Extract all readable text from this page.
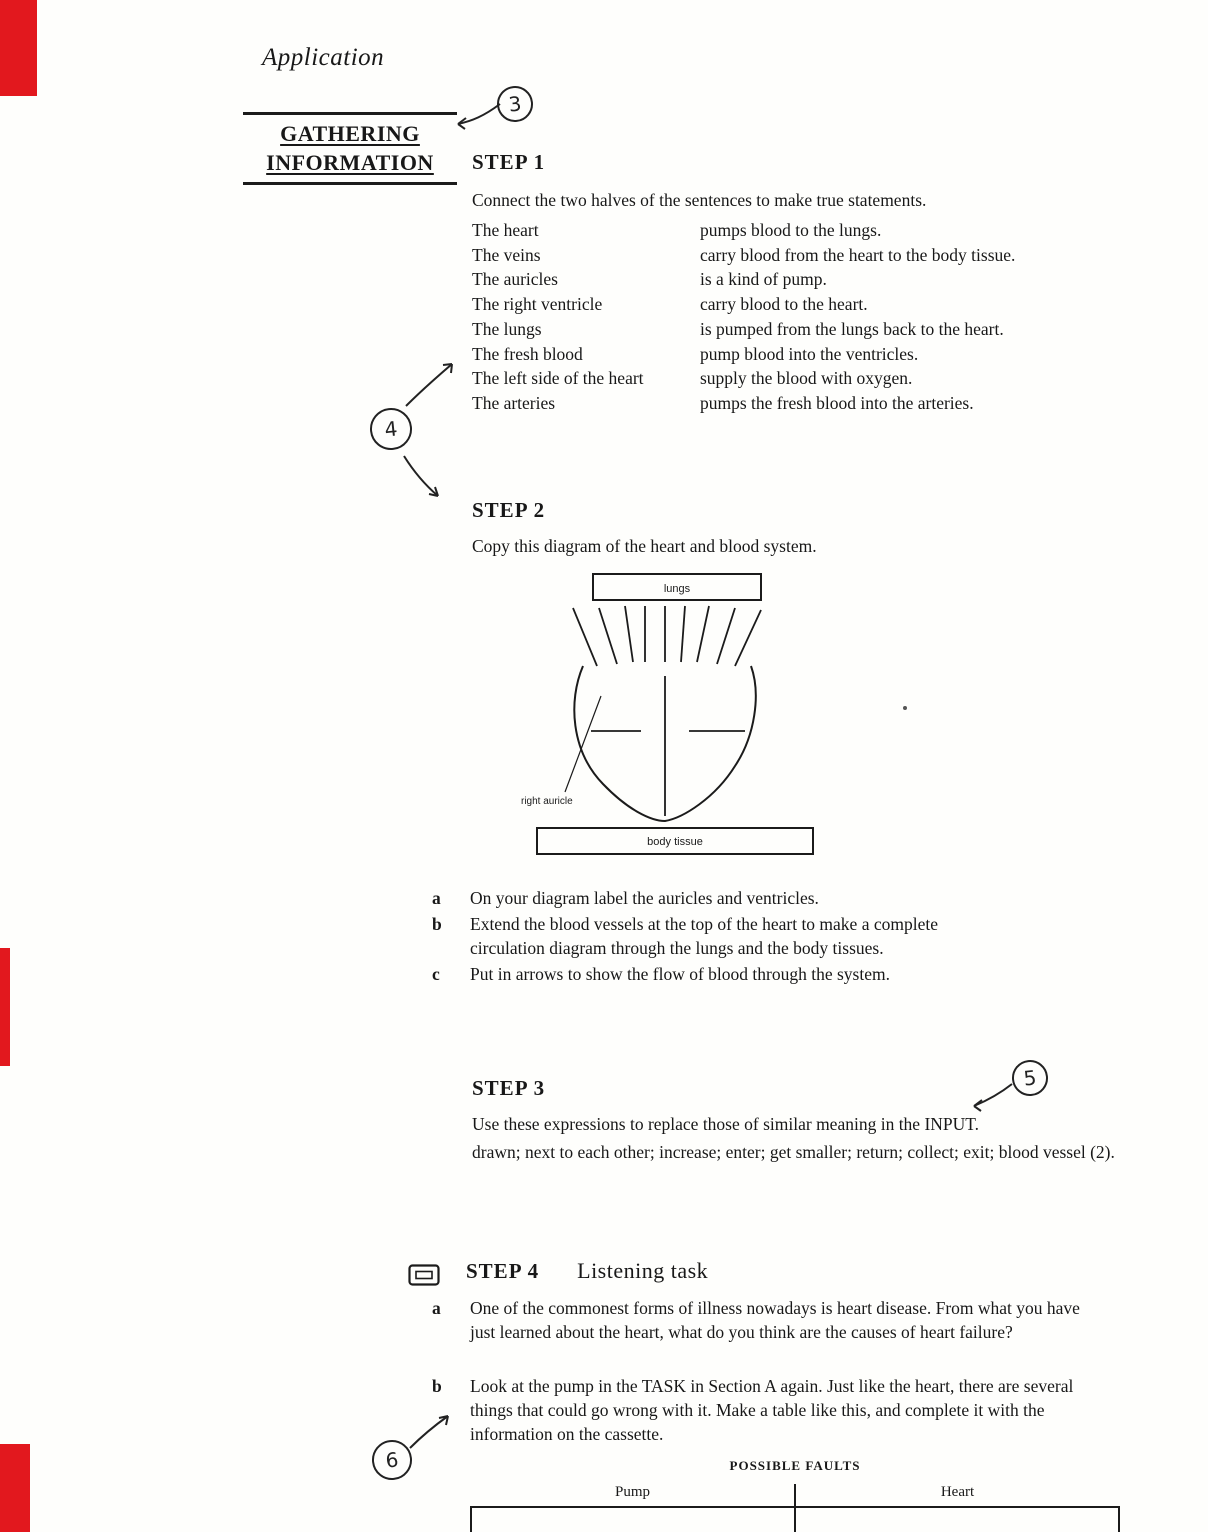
Application
GATHERING
INFORMATION
3
STEP 1
Connect the two halves of the sentences to make true statements.
The heart	pumps blood to the lungs.
The veins	carry blood from the heart to the body tissue.
The auricles	is a kind of pump.
The right ventricle	carry blood to the heart.
The lungs	is pumped from the lungs back to the heart.
The fresh blood	pump blood into the ventricles.
The left side of the heart	supply the blood with oxygen.
The arteries	pumps the fresh blood into the arteries.
4
STEP 2
Copy this diagram of the heart and blood system.
lungs
body tissue
right auricle
a	On your diagram label the auricles and ventricles.
b	Extend the blood vessels at the top of the heart to make a complete circulation diagram through the lungs and the body tissues.
c	Put in arrows to show the flow of blood through the system.
STEP 3	5
Use these expressions to replace those of similar meaning in the INPUT.
drawn; next to each other; increase; enter; get smaller; return; collect; exit; blood vessel (2).
STEP 4 Listening task
a	One of the commonest forms of illness nowadays is heart disease. From what you have just learned about the heart, what do you think are the causes of heart failure?
b	Look at the pump in the TASK in Section A again. Just like the heart, there are several things that could go wrong with it. Make a table like this, and complete it with the information on the cassette.
6	POSSIBLE FAULTS
Pump	Heart
